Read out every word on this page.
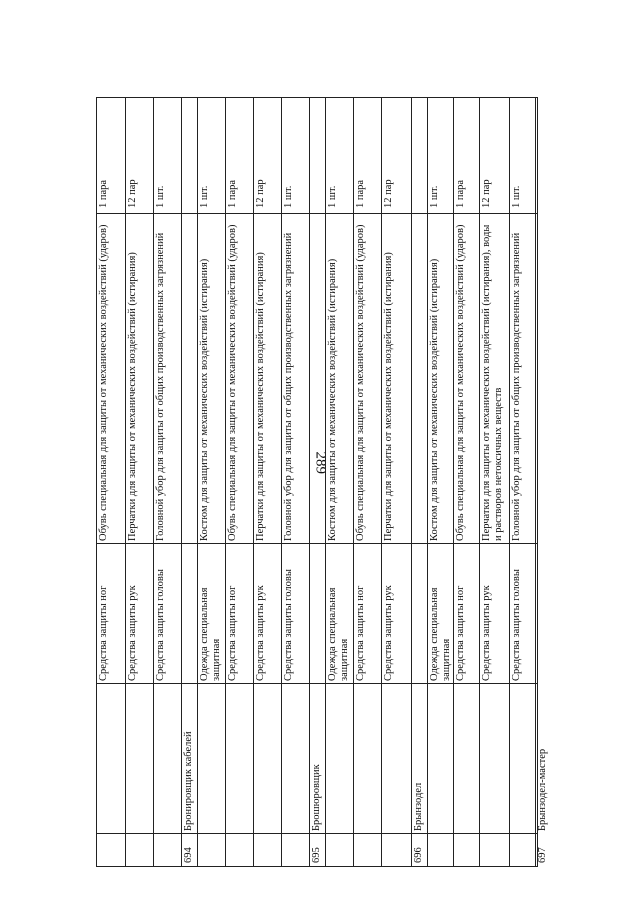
289
Средства защиты ног
Обувь специальная для защиты от механических воздействий (ударов)
1 пара
Средства защиты рук
Перчатки для защиты от механических воздействий (истирания)
12 пар
Средства защиты головы
Головной убор для защиты от общих производственных загрязнений
1 шт.
694
Бронировщик кабелей
Одежда специальная защитная
Костюм для защиты от механических воздействий (истирания)
1 шт.
Средства защиты ног
Обувь специальная для защиты от механических воздействий (ударов)
1 пара
Средства защиты рук
Перчатки для защиты от механических воздействий (истирания)
12 пар
Средства защиты головы
Головной убор для защиты от общих производственных загрязнений
1 шт.
695
Брошюровщик
Одежда специальная защитная
Костюм для защиты от механических воздействий (истирания)
1 шт.
Средства защиты ног
Обувь специальная для защиты от механических воздействий (ударов)
1 пара
Средства защиты рук
Перчатки для защиты от механических воздействий (истирания)
12 пар
696
Брынзодел
Одежда специальная защитная
Костюм для защиты от механических воздействий (истирания)
1 шт.
Средства защиты ног
Обувь специальная для защиты от механических воздействий (ударов)
1 пара
Средства защиты рук
Перчатки для защиты от механических воздействий (истирания), воды и растворов нетоксичных веществ
12 пар
Средства защиты головы
Головной убор для защиты от общих производственных загрязнений
1 шт.
697
Брынзодел-мастер
